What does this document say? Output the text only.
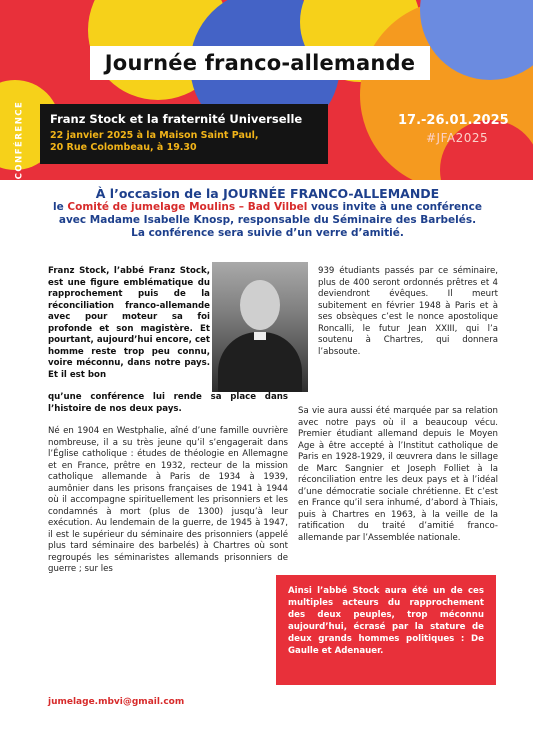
Journée franco-allemande
CONFÉRENCE Franz Stock et la fraternité Universelle
22 janvier 2025 à la Maison Saint Paul,
20 Rue Colombeau, à 19.30
17.-26.01.2025
#JFA2025
À l’occasion de la JOURNÉE FRANCO-ALLEMANDE
le Comité de jumelage Moulins – Bad Vilbel vous invite à une conférence
avec Madame Isabelle Knosp, responsable du Séminaire des Barbelés.
La conférence sera suivie d’un verre d’amitié.
Franz Stock, l’abbé Franz Stock, est une figure emblématique du rapprochement puis de la réconciliation franco-allemande avec pour moteur sa foi profonde et son magistère. Et pourtant, aujourd’hui encore, cet homme reste trop peu connu, voire méconnu, dans notre pays. Et il est bon
939 étudiants passés par ce séminaire, plus de 400 seront ordonnés prêtres et 4 deviendront évêques. Il meurt subitement en février 1948 à Paris et à ses obsèques c’est le nonce apostolique Roncalli, le futur Jean XXIII, qui l’a soutenu à Chartres, qui donnera l’absoute.
qu’une conférence lui rende sa place dans l’histoire de nos deux pays.
Né en 1904 en Westphalie, aîné d’une famille ouvrière nombreuse, il a su très jeune qu’il s’engagerait dans l’Église catholique : études de théologie en Allemagne et en France, prêtre en 1932, recteur de la mission catholique allemande à Paris de 1934 à 1939, aumônier dans les prisons françaises de 1941 à 1944 où il accompagne spirituellement les prisonniers et les condamnés à mort (plus de 1300) jusqu’à leur exécution. Au lendemain de la guerre, de 1945 à 1947, il est le supérieur du séminaire des prisonniers (appelé plus tard séminaire des barbelés) à Chartres où sont regroupés les séminaristes allemands prisonniers de guerre ; sur les
Sa vie aura aussi été marquée par sa relation avec notre pays où il a beaucoup vécu. Premier étudiant allemand depuis le Moyen Age à être accepté à l’Institut catholique de Paris en 1928-1929, il œuvrera dans le sillage de Marc Sangnier et Joseph Folliet à la réconciliation entre les deux pays et à l’idéal d’une démocratie sociale chrétienne. Et c’est en France qu’il sera inhumé, d’abord à Thiais, puis à Chartres en 1963, à la veille de la ratification du traité d’amitié franco-allemande par l’Assemblée nationale.
Ainsi l’abbé Stock aura été un de ces multiples acteurs du rapprochement des deux peuples, trop méconnu aujourd’hui, écrasé par la stature de deux grands hommes politiques : De Gaulle et Adenauer.
jumelage.mbvi@gmail.com
